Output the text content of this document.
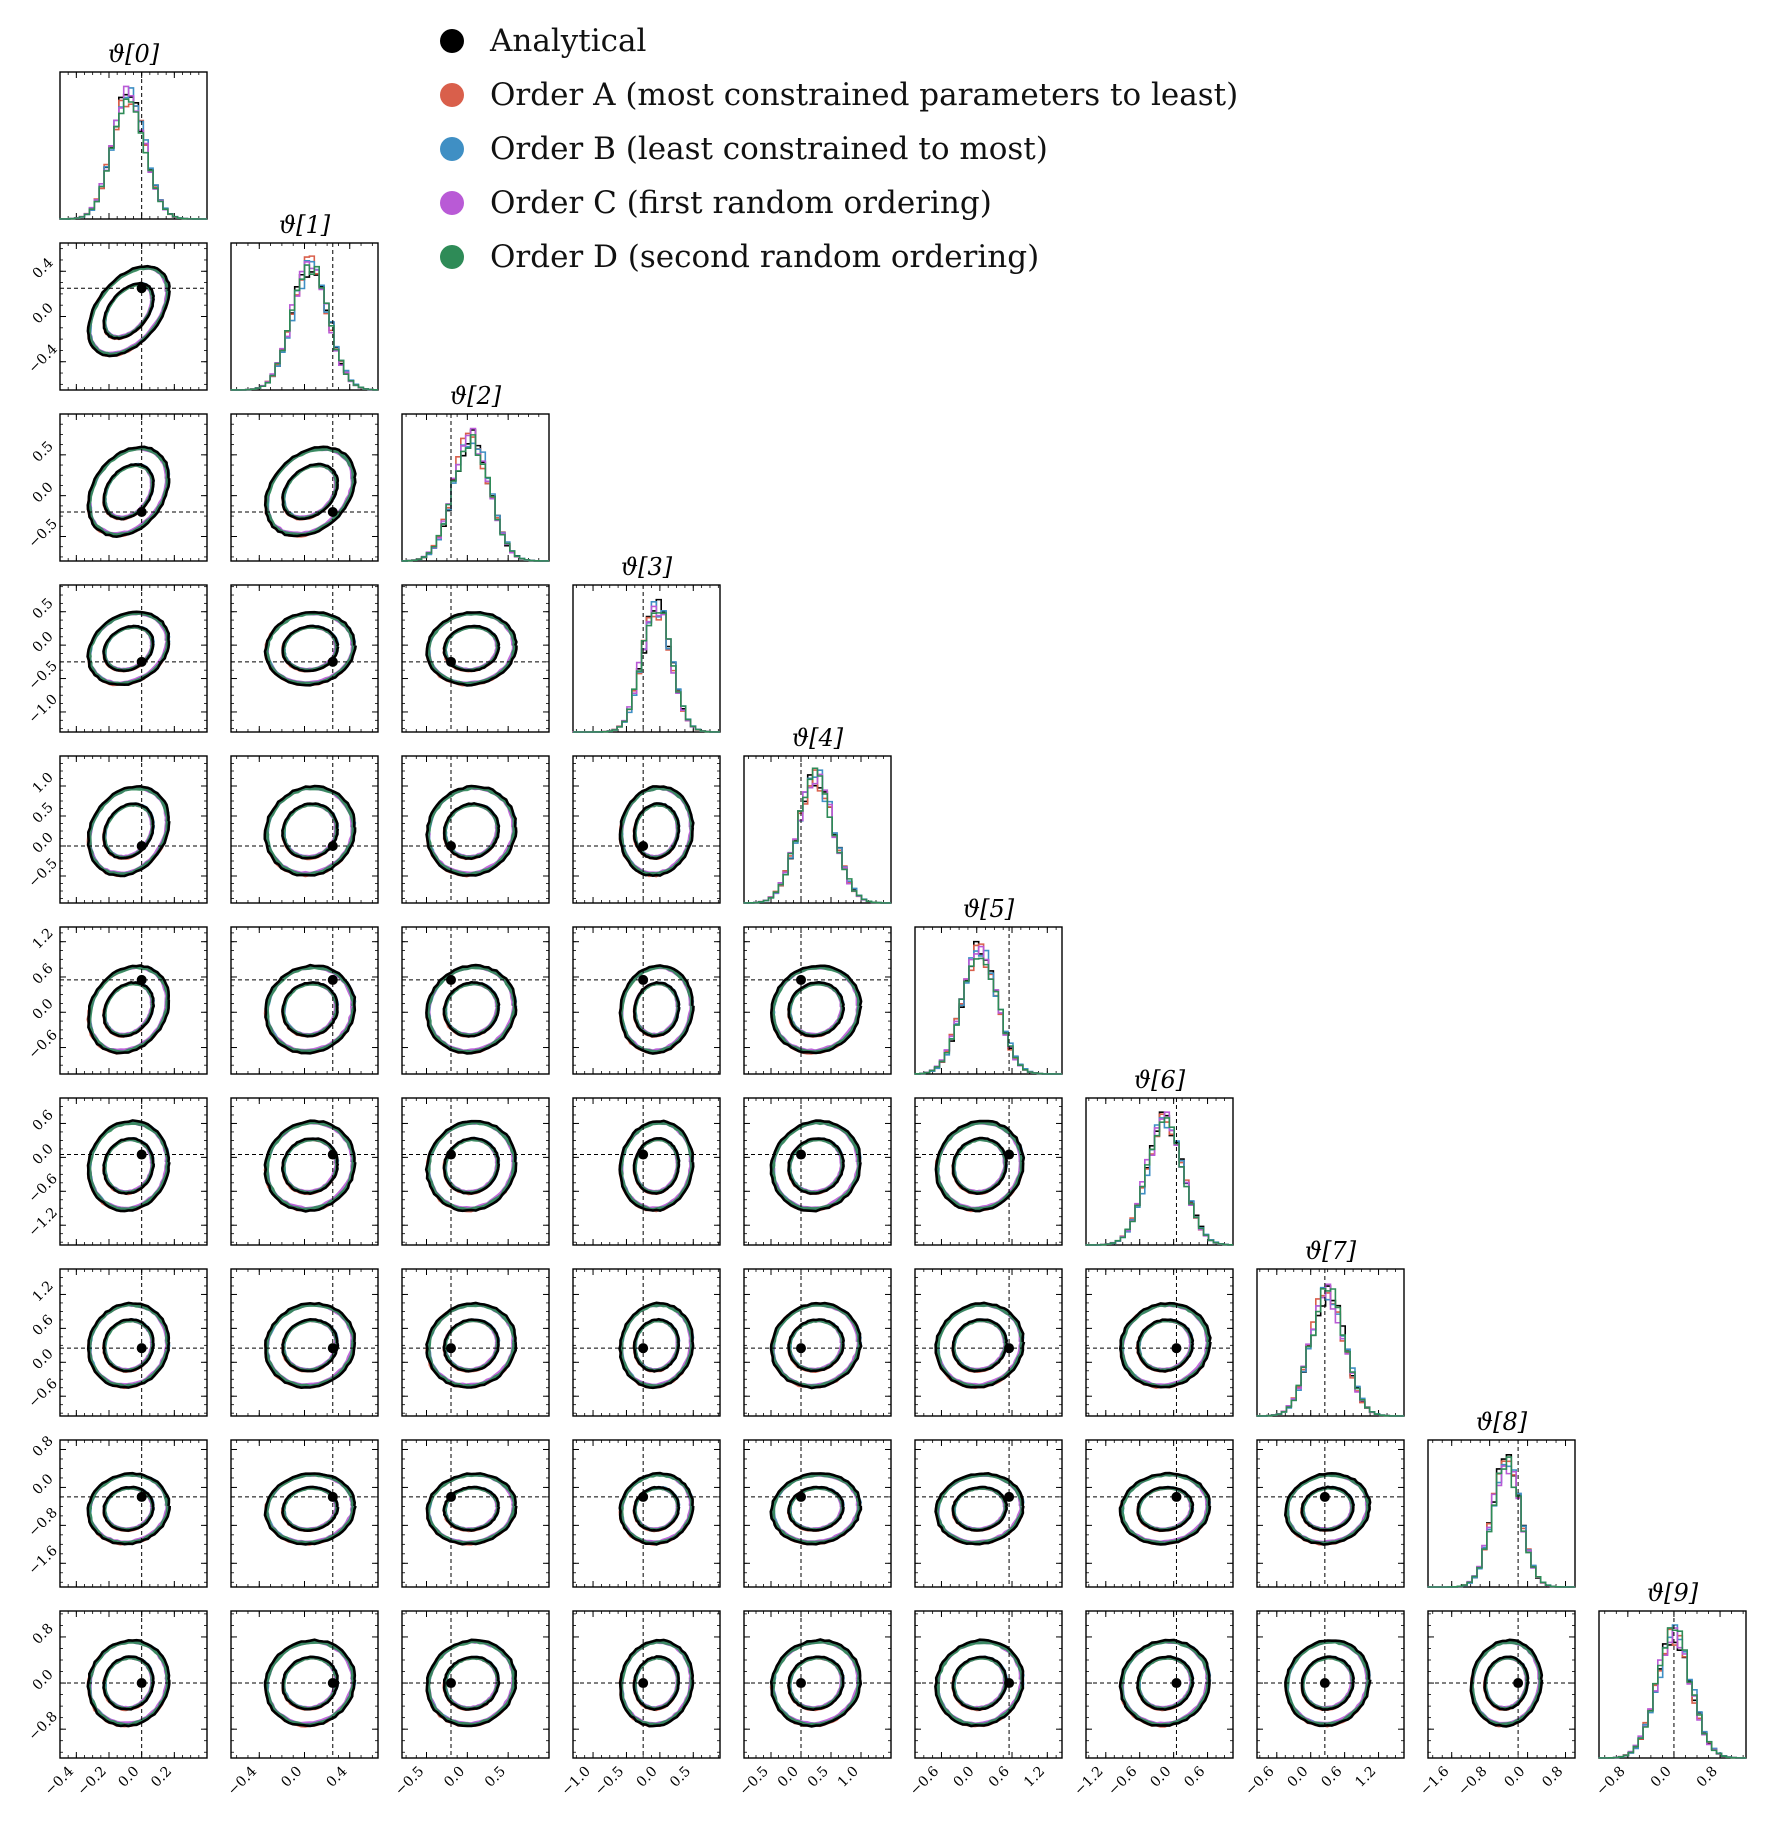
ϑ[0]
−0.4
0.0
0.4
ϑ[1]
−0.5
0.0
0.5
ϑ[2]
−1.0
−0.5
0.0
0.5
ϑ[3]
−0.5
0.0
0.5
1.0
ϑ[4]
−0.6
0.0
0.6
1.2
ϑ[5]
−1.2
−0.6
0.0
0.6
ϑ[6]
−0.6
0.0
0.6
1.2
ϑ[7]
−1.6
−0.8
0.0
0.8
ϑ[8]
−0.4
−0.2 0.0 0.2
−0.8
0.0
0.8
−0.4 0.0 0.4	−0.5 0.0 0.5	−1.0
−0.5 0.0 0.5	−0.5 0.0 0.5 1.0	−0.6 0.0 0.6 1.2 −1.2
−0.6 0.0 0.6 −0.6 0.0 0.6 1.2	−1.6 −0.8 0.0 0.8 −0.8 0.0 0.8
ϑ[9]
Analytical
Order A (most constrained parameters to least)
Order B (least constrained to most)
Order C (first random ordering)
Order D (second random ordering)
